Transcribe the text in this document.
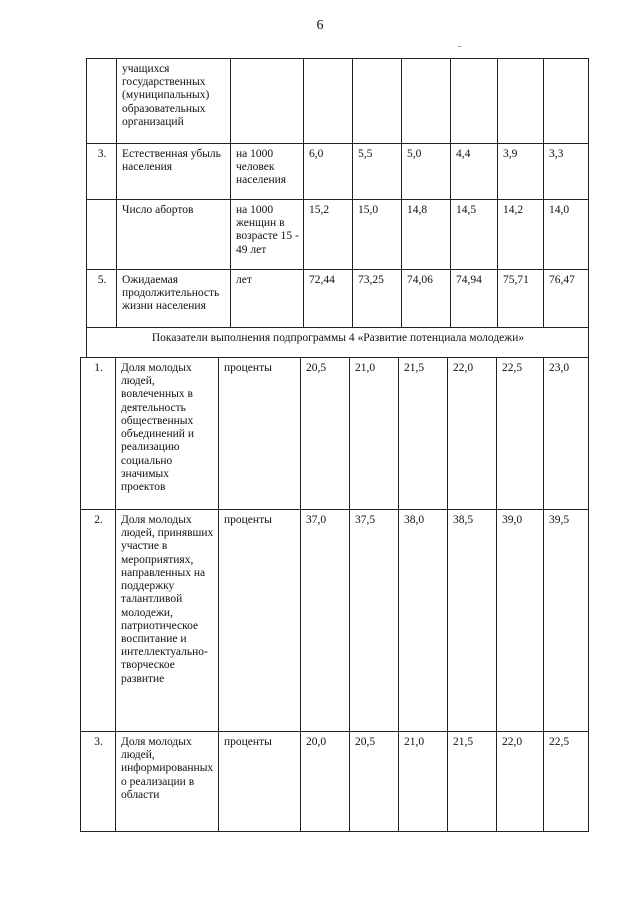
6
	учащихся государственных (муниципальных) образовательных организаций							
3.	Естественная убыль населения	на 1000 человек населения	6,0	5,5	5,0	4,4	3,9	3,3
	Число абортов	на 1000 женщин в возрасте 15 - 49 лет	15,2	15,0	14,8	14,5	14,2	14,0
5.	Ожидаемая продолжительность жизни населения	лет	72,44	73,25	74,06	74,94	75,71	76,47
Показатели выполнения подпрограммы 4 «Развитие потенциала молодежи»								
1.	Доля молодых людей, вовлеченных в деятельность общественных объединений и реализацию социально значимых проектов	проценты	20,5	21,0	21,5	22,0	22,5	23,0
2.	Доля молодых людей, принявших участие в мероприятиях, направленных на поддержку талантливой молодежи, патриотическое воспитание и интеллектуально-творческое развитие	проценты	37,0	37,5	38,0	38,5	39,0	39,5
3.	Доля молодых людей, информированных о реализации в области	проценты	20,0	20,5	21,0	21,5	22,0	22,5
